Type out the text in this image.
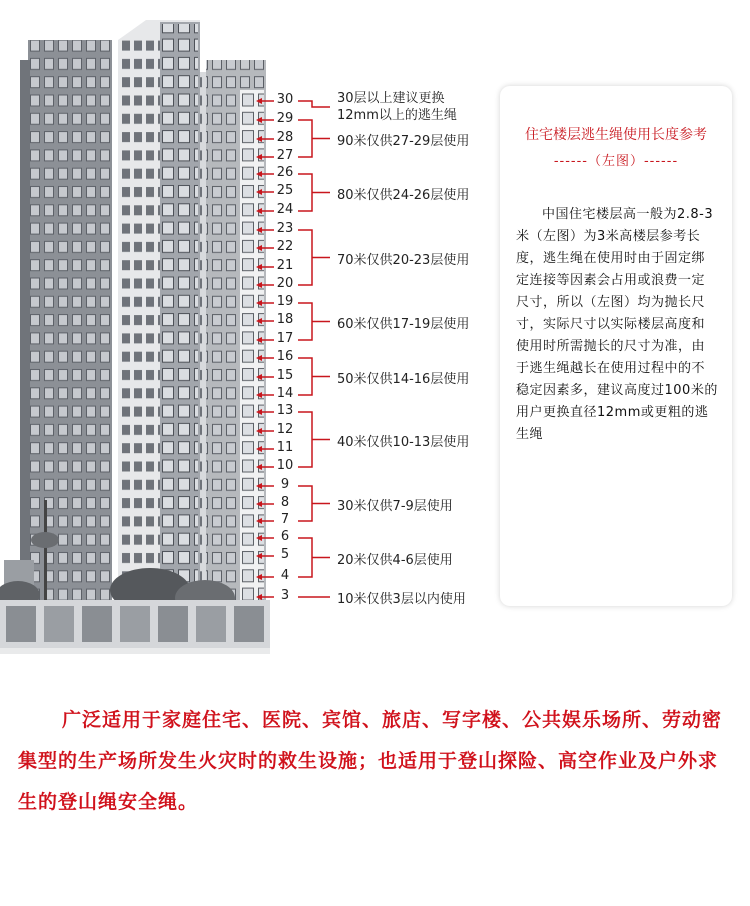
30
29
28
27
26
25
24
23
22
21
20
19
18
17
16
15
14
13
12
11
10
9
8
7
6
5
4
3
30层以上建议更换
12mm以上的逃生绳
90米仅供27-29层使用
80米仅供24-26层使用
70米仅供20-23层使用
60米仅供17-19层使用
50米仅供14-16层使用
40米仅供10-13层使用
30米仅供7-9层使用
20米仅供4-6层使用
10米仅供3层以内使用
住宅楼层逃生绳使用长度参考
------（左图）------
中国住宅楼层高一般为2.8-3米（左图）为3米高楼层参考长度，逃生绳在使用时由于固定绑定连接等因素会占用或浪费一定尺寸，所以（左图）均为抛长尺寸，实际尺寸以实际楼层高度和使用时所需抛长的尺寸为准，由于逃生绳越长在使用过程中的不稳定因素多，建议高度过100米的用户更换直径12mm或更粗的逃生绳
广泛适用于家庭住宅、医院、宾馆、旅店、写字楼、公共娱乐场所、劳动密集型的生产场所发生火灾时的救生设施；也适用于登山探险、高空作业及户外求生的登山绳安全绳。
